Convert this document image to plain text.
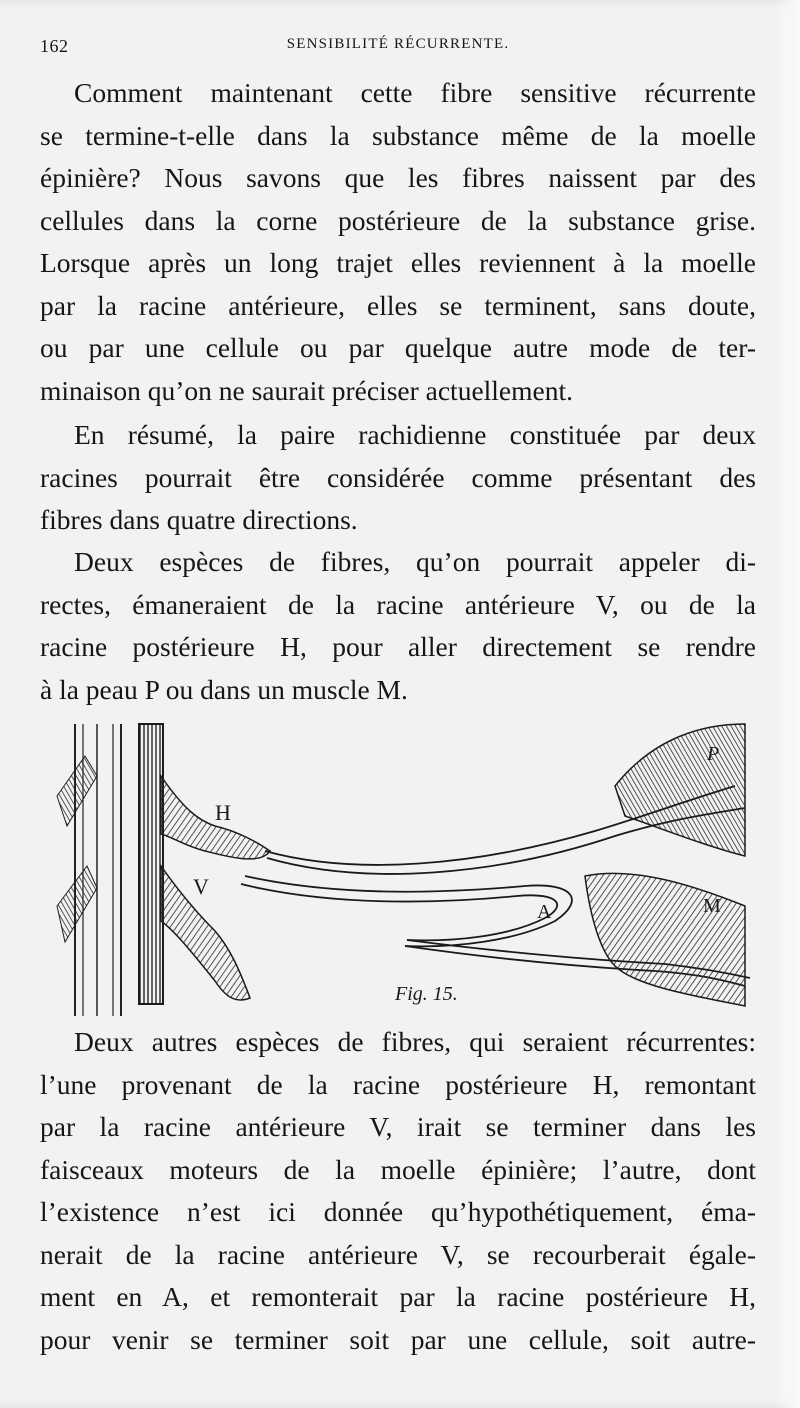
162	SENSIBILITÉ RÉCURRENTE.
Comment maintenant cette fibre sensitive récurrente
se termine-t-elle dans la substance même de la moelle
épinière? Nous savons que les fibres naissent par des
cellules dans la corne postérieure de la substance grise.
Lorsque après un long trajet elles reviennent à la moelle
par la racine antérieure, elles se terminent, sans doute,
ou par une cellule ou par quelque autre mode de ter-
minaison qu’on ne saurait préciser actuellement.
En résumé, la paire rachidienne constituée par deux
racines pourrait être considérée comme présentant des
fibres dans quatre directions.
Deux espèces de fibres, qu’on pourrait appeler di-
rectes, émaneraient de la racine antérieure V, ou de la
racine postérieure H, pour aller directement se rendre
à la peau P ou dans un muscle M.
H
V
A
P
M
Fig. 15.
Deux autres espèces de fibres, qui seraient récurrentes:
l’une provenant de la racine postérieure H, remontant
par la racine antérieure V, irait se terminer dans les
faisceaux moteurs de la moelle épinière; l’autre, dont
l’existence n’est ici donnée qu’hypothétiquement, éma-
nerait de la racine antérieure V, se recourberait égale-
ment en A, et remonterait par la racine postérieure H,
pour venir se terminer soit par une cellule, soit autre-
